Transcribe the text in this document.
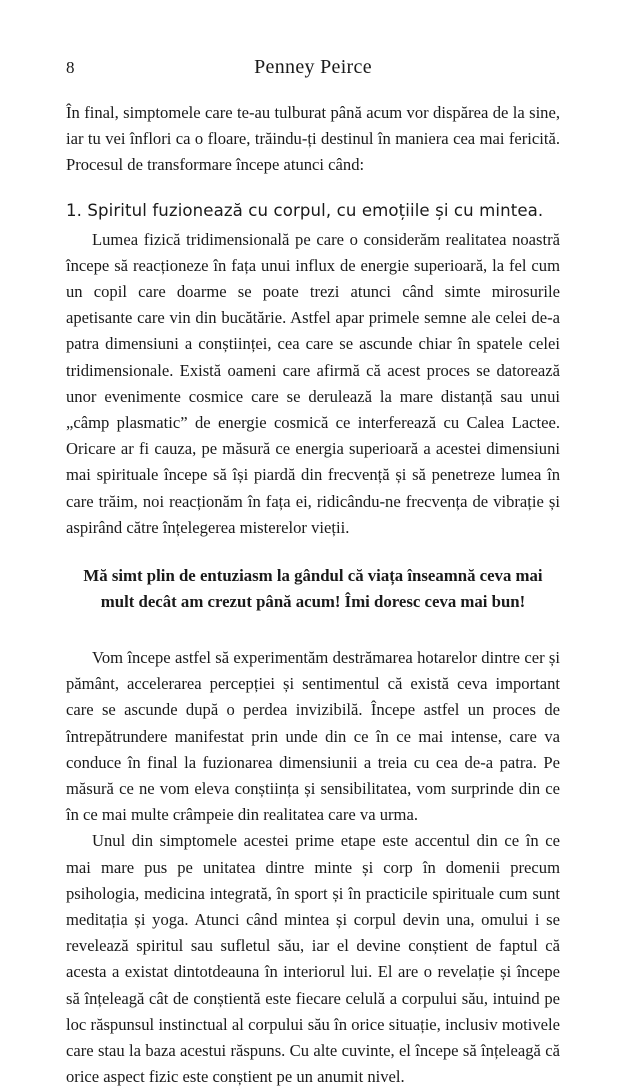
8	Penney Peirce

În final, simptomele care te-au tulburat până acum vor dispărea de la sine, iar tu vei înflori ca o floare, trăindu-ți destinul în maniera cea mai fericită. Procesul de transformare începe atunci când:

1. Spiritul fuzionează cu corpul, cu emoțiile și cu mintea.

Lumea fizică tridimensională pe care o considerăm realitatea noastră începe să reacționeze în fața unui influx de energie superioară, la fel cum un copil care doarme se poate trezi atunci când simte mirosurile apetisante care vin din bucătărie. Astfel apar primele semne ale celei de-a patra dimensiuni a conștiinței, cea care se ascunde chiar în spatele celei tridimensionale. Există oameni care afirmă că acest proces se datorează unor evenimente cosmice care se derulează la mare distanță sau unui „câmp plasmatic” de energie cosmică ce interferează cu Calea Lactee. Oricare ar fi cauza, pe măsură ce energia superioară a acestei dimensiuni mai spirituale începe să își piardă din frecvență și să penetreze lumea în care trăim, noi reacționăm în fața ei, ridicându-ne frecvența de vibrație și aspirând către înțelegerea misterelor vieții.

Mă simt plin de entuziasm la gândul că viața înseamnă ceva mai
mult decât am crezut până acum! Îmi doresc ceva mai bun!

Vom începe astfel să experimentăm destrămarea hotarelor dintre cer și pământ, accelerarea percepției și sentimentul că există ceva important care se ascunde după o perdea invizibilă. Începe astfel un proces de întrepătrundere manifestat prin unde din ce în ce mai intense, care va conduce în final la fuzionarea dimensiunii a treia cu cea de-a patra. Pe măsură ce ne vom eleva conștiința și sensibilitatea, vom surprinde din ce în ce mai multe crâmpeie din realitatea care va urma.

Unul din simptomele acestei prime etape este accentul din ce în ce mai mare pus pe unitatea dintre minte și corp în domenii precum psihologia, medicina integrată, în sport și în practicile spirituale cum sunt meditația și yoga. Atunci când mintea și corpul devin una, omului i se revelează spiritul sau sufletul său, iar el devine conștient de faptul că acesta a existat dintotdeauna în interiorul lui. El are o revelație și începe să înțeleagă cât de conștientă este fiecare celulă a corpului său, intuind pe loc răspunsul instinctual al corpului său în orice situație, inclusiv motivele care stau la baza acestui răspuns. Cu alte cuvinte, el începe să înțeleagă că orice aspect fizic este conștient pe un anumit nivel.
